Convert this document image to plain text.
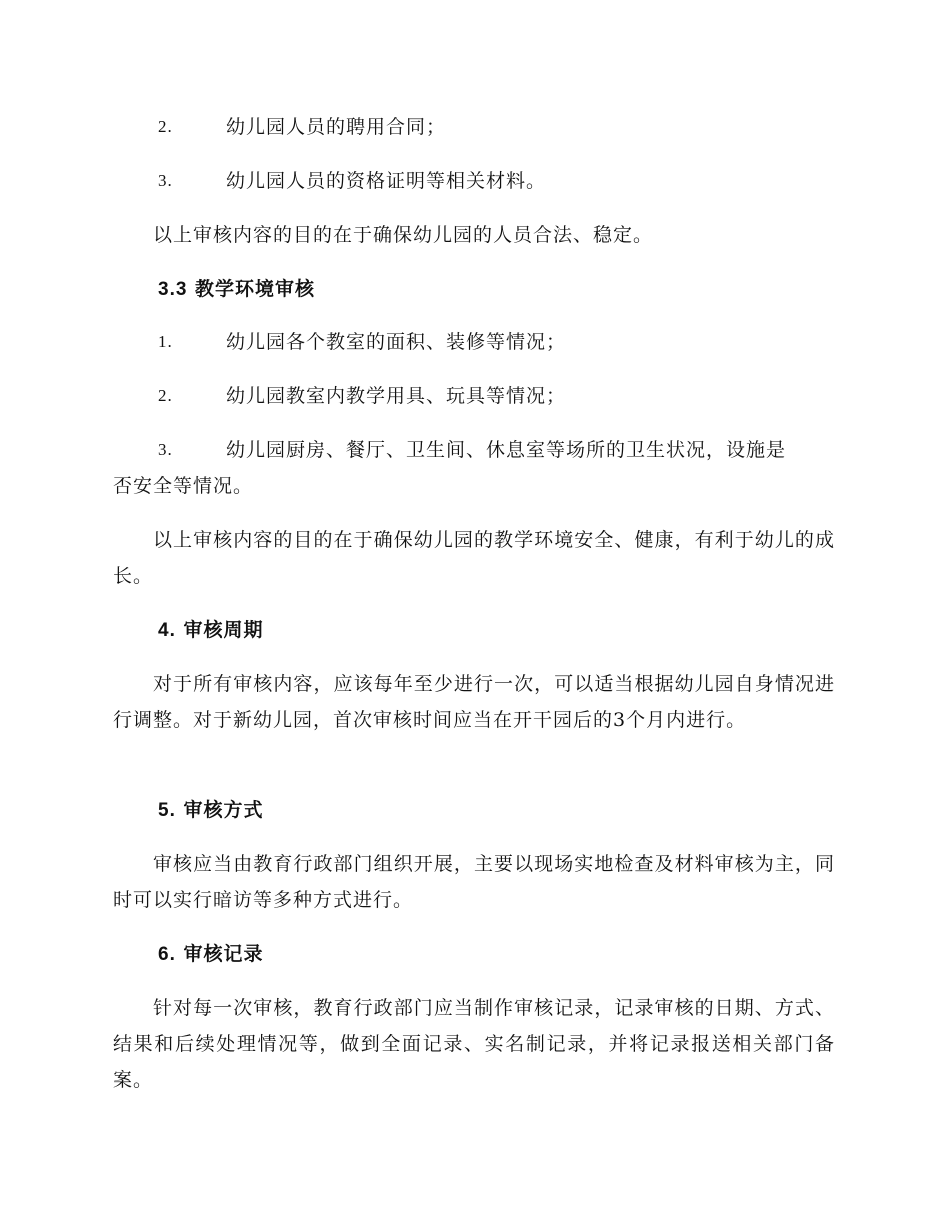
2.	幼儿园人员的聘用合同；
3.	幼儿园人员的资格证明等相关材料。
以上审核内容的目的在于确保幼儿园的人员合法、稳定。
3.3 教学环境审核
1.	幼儿园各个教室的面积、装修等情况；
2.	幼儿园教室内教学用具、玩具等情况；
3.	幼儿园厨房、餐厅、卫生间、休息室等场所的卫生状况，设施是
否安全等情况。
以上审核内容的目的在于确保幼儿园的教学环境安全、健康，有利于幼儿的成长。
4. 审核周期
对于所有审核内容，应该每年至少进行一次，可以适当根据幼儿园自身情况进行调整。对于新幼儿园，首次审核时间应当在开干园后的3个月内进行。
5. 审核方式
审核应当由教育行政部门组织开展，主要以现场实地检查及材料审核为主，同时可以实行暗访等多种方式进行。
6. 审核记录
针对每一次审核，教育行政部门应当制作审核记录，记录审核的日期、方式、结果和后续处理情况等，做到全面记录、实名制记录，并将记录报送相关部门备案。
